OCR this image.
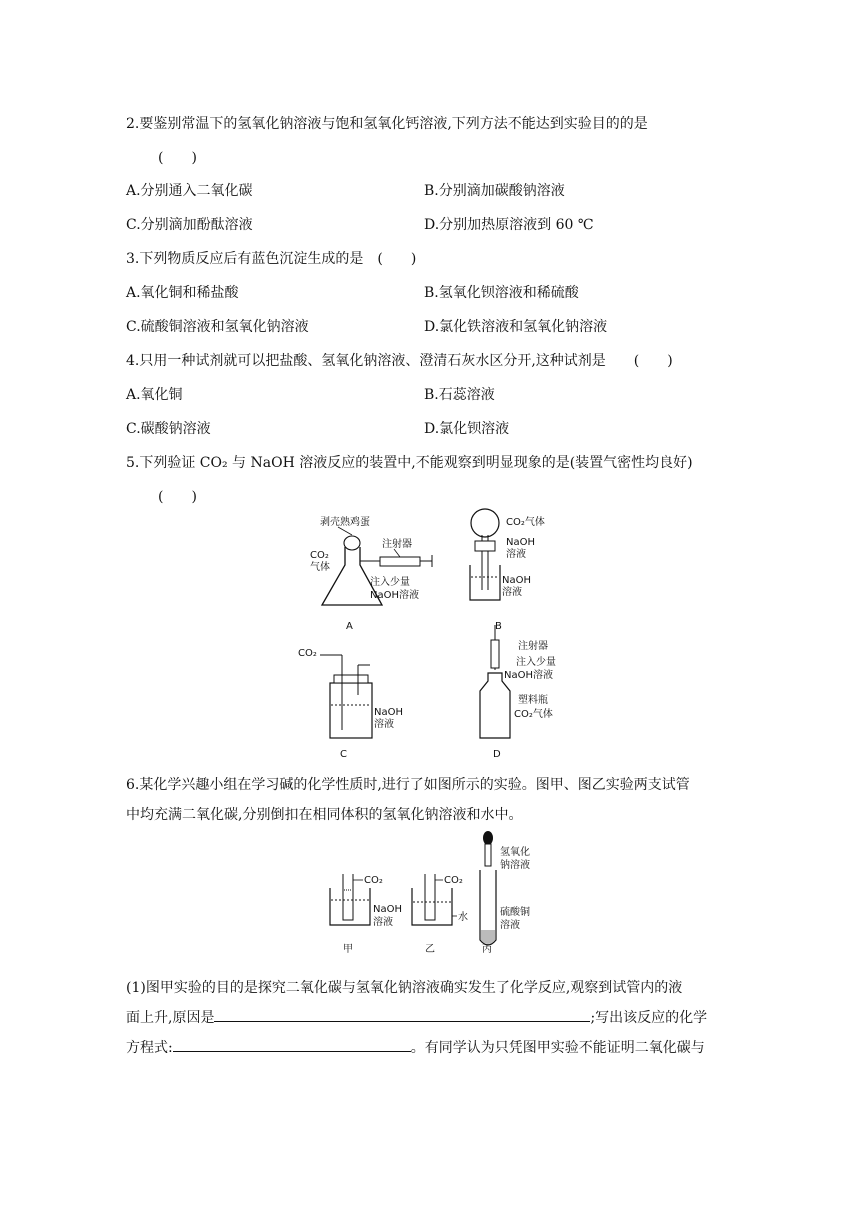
2.要鉴别常温下的氢氧化钠溶液与饱和氢氧化钙溶液,下列方法不能达到实验目的的是
(　　)
A.分别通入二氧化碳	B.分别滴加碳酸钠溶液
C.分别滴加酚酞溶液	D.分别加热原溶液到 60 ℃
3.下列物质反应后有蓝色沉淀生成的是　(　　)
A.氧化铜和稀盐酸	B.氢氧化钡溶液和稀硫酸
C.硫酸铜溶液和氢氧化钠溶液	D.氯化铁溶液和氢氧化钠溶液
4.只用一种试剂就可以把盐酸、氢氧化钠溶液、澄清石灰水区分开,这种试剂是　　(　　)
A.氧化铜	B.石蕊溶液
C.碳酸钠溶液	D.氯化钡溶液
5.下列验证 CO₂ 与 NaOH 溶液反应的装置中,不能观察到明显现象的是(装置气密性均良好)
(　　)
剥壳熟鸡蛋
注射器
CO₂
气体
注入少量
NaOH溶液
A
CO₂气体
NaOH
溶液
NaOH
溶液
B
CO₂
NaOH
溶液
C
注射器
注入少量
NaOH溶液
塑料瓶
CO₂气体
D
6.某化学兴趣小组在学习碱的化学性质时,进行了如图所示的实验。图甲、图乙实验两支试管
中均充满二氧化碳,分别倒扣在相同体积的氢氧化钠溶液和水中。
CO₂
NaOH
溶液
甲
CO₂
水
乙
氢氧化
钠溶液
硫酸铜
溶液
丙
(1)图甲实验的目的是探究二氧化碳与氢氧化钠溶液确实发生了化学反应,观察到试管内的液
面上升,原因是	;写出该反应的化学
方程式:	。有同学认为只凭图甲实验不能证明二氧化碳与
